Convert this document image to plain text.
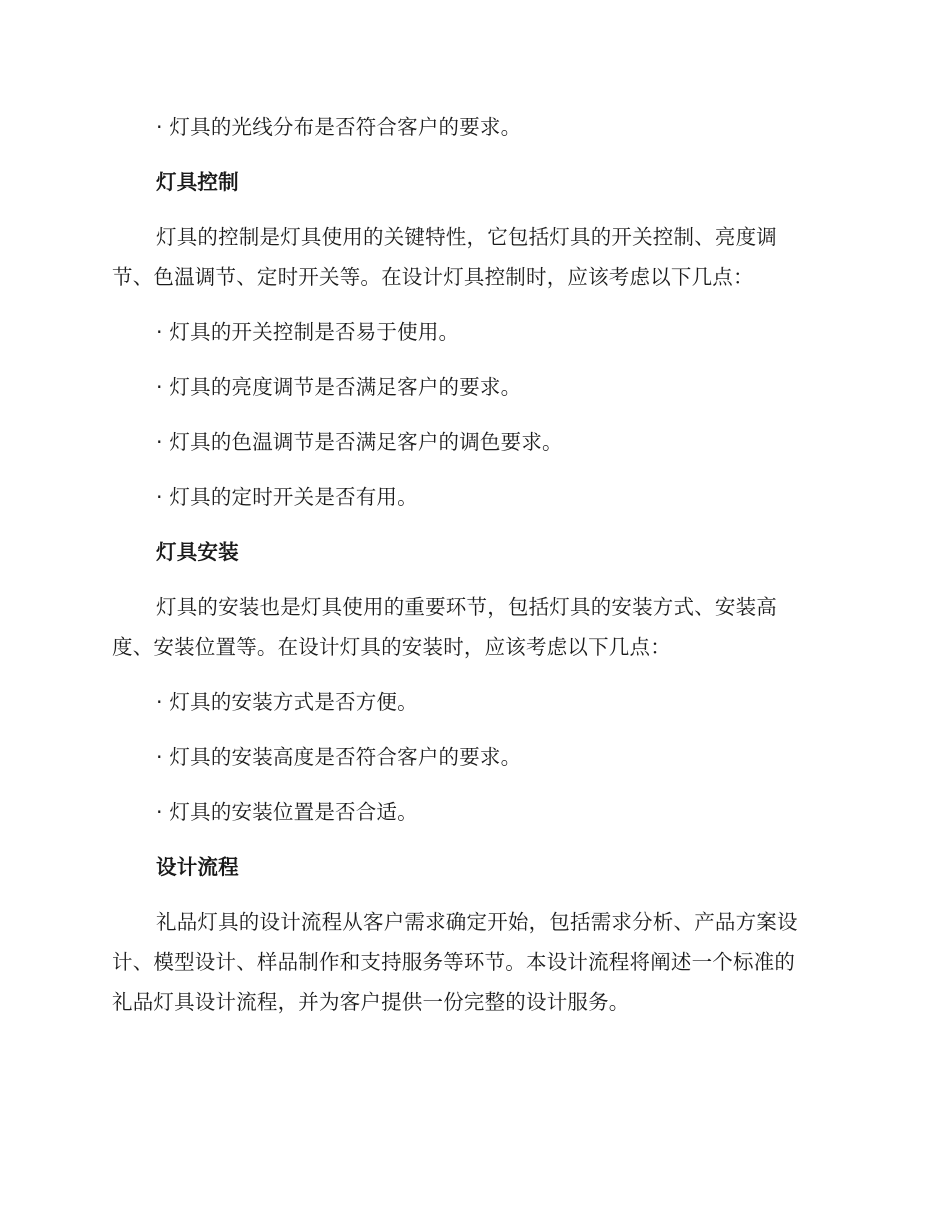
· 灯具的光线分布是否符合客户的要求。
灯具控制
灯具的控制是灯具使用的关键特性，它包括灯具的开关控制、亮度调
节、色温调节、定时开关等。在设计灯具控制时，应该考虑以下几点：
· 灯具的开关控制是否易于使用。
· 灯具的亮度调节是否满足客户的要求。
· 灯具的色温调节是否满足客户的调色要求。
· 灯具的定时开关是否有用。
灯具安装
灯具的安装也是灯具使用的重要环节，包括灯具的安装方式、安装高
度、安装位置等。在设计灯具的安装时，应该考虑以下几点：
· 灯具的安装方式是否方便。
· 灯具的安装高度是否符合客户的要求。
· 灯具的安装位置是否合适。
设计流程
礼品灯具的设计流程从客户需求确定开始，包括需求分析、产品方案设
计、模型设计、样品制作和支持服务等环节。本设计流程将阐述一个标准的
礼品灯具设计流程，并为客户提供一份完整的设计服务。
